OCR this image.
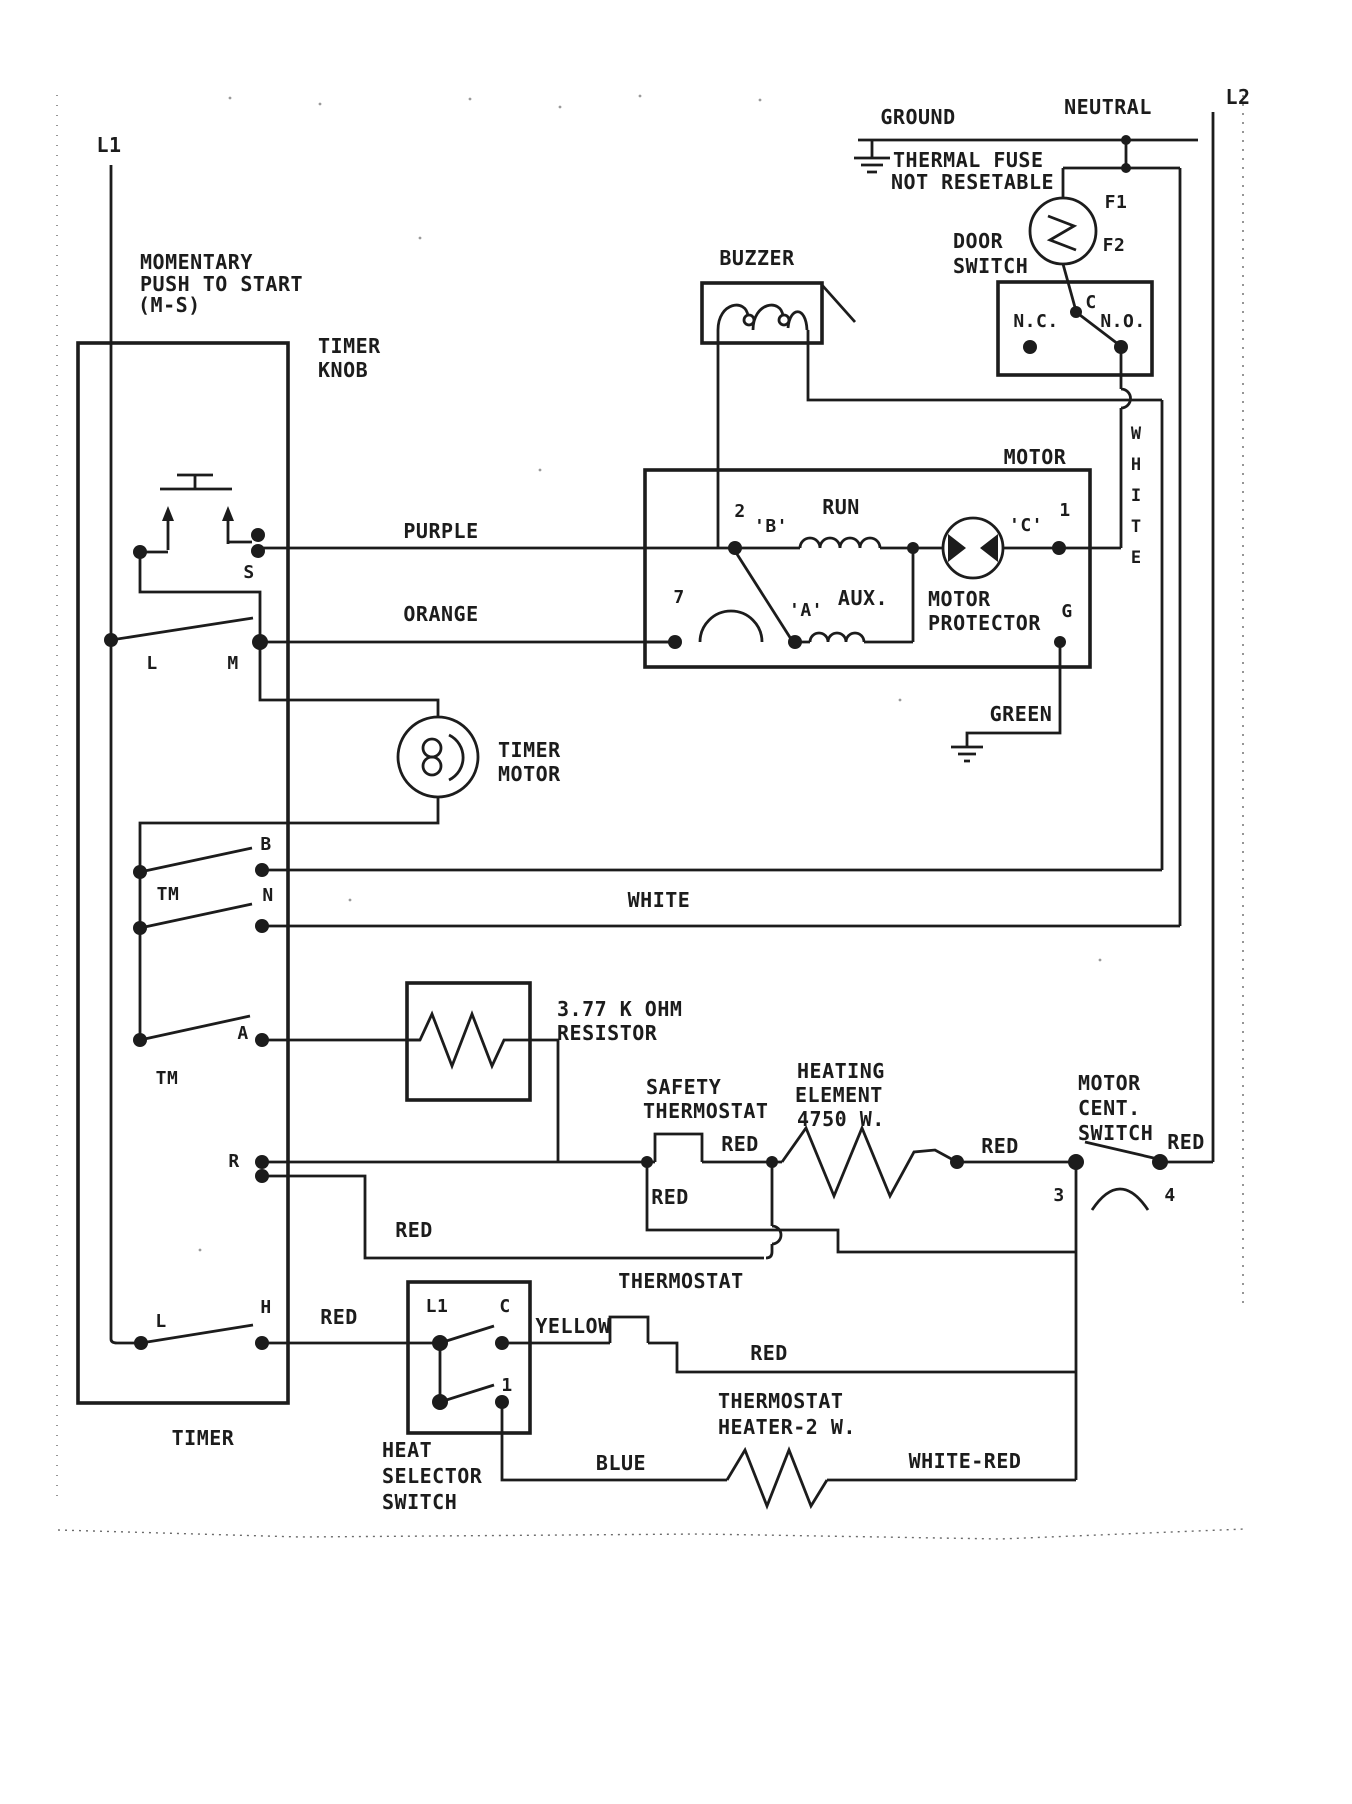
L1
L2
GROUND	NEUTRAL
THERMAL FUSE
NOT RESETABLE
F1
F2
DOOR
SWITCH
N.C.
C
N.O.
BUZZER
MOMENTARY
PUSH TO START
(M-S)
TIMER
KNOB
MOTOR
2
'B'
RUN
'C'
1
7
'A'
AUX. MOTOR
PROTECTOR G
PURPLE
ORANGE
WHITE
GREEN
YELLOW
BLUE	WHITE-RED
RED
RED
RED	RED
RED
RED
RED
S
L	M
B
TM	N
TM
A
R
H
L
TIMER
TIMER
MOTOR
3.77 K OHM
RESISTOR
SAFETY
THERMOSTAT
HEATING
ELEMENT
4750 W.
MOTOR
CENT.
SWITCH
3	4
THERMOSTAT
THERMOSTAT
HEATER-2 W.
HEAT
SELECTOR
SWITCH
L1	C
1
WHITE
